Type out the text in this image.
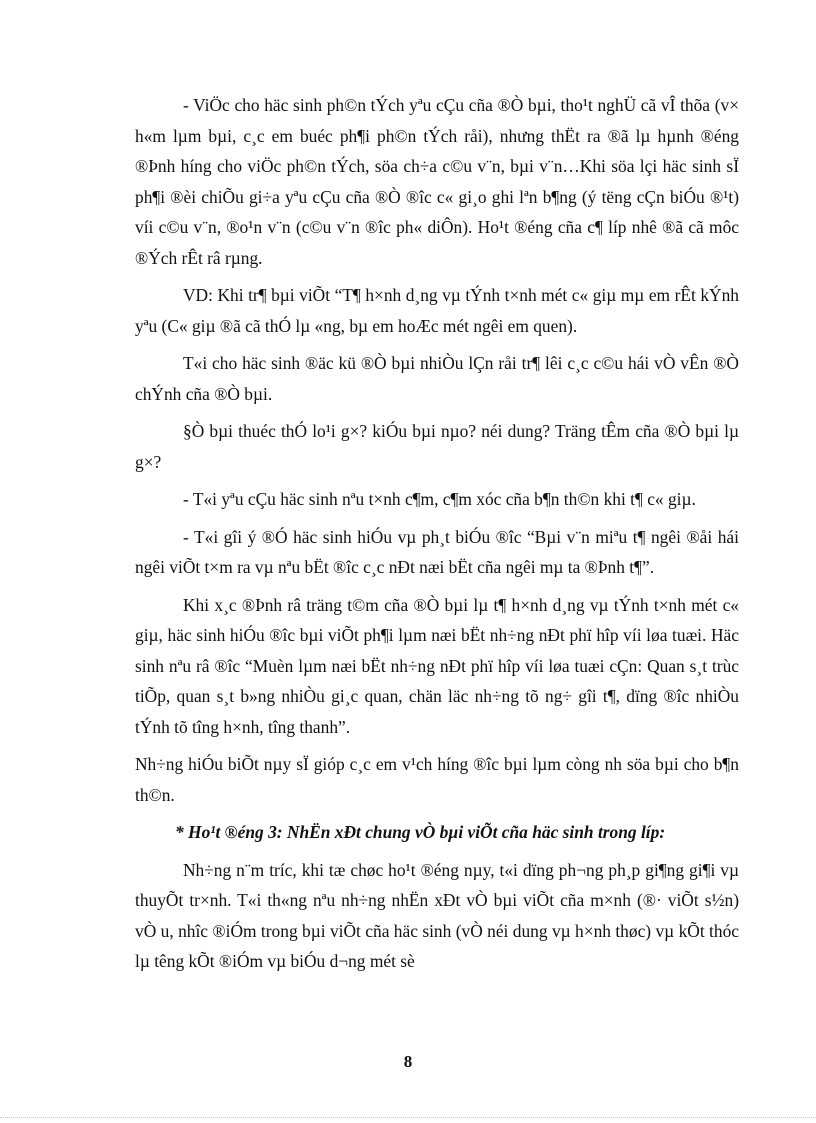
- ViÖc cho häc sinh ph©n tÝch yªu cÇu cña ®Ò bµi, tho¹t nghÜ cã vÎ thõa (v× h«m lµm bµi, c¸c em buéc ph¶i ph©n tÝch råi), nhưng thËt ra ®ã lµ hµnh ®éng ®Þnh híng cho viÖc ph©n tÝch, söa ch÷a c©u v¨n, bµi v¨n…Khi söa lçi häc sinh sÏ ph¶i ®èi chiÕu gi÷a yªu cÇu cña ®Ò ®îc c« gi¸o ghi lªn b¶ng (ý tëng cÇn biÓu ®¹t) víi c©u v¨n, ®o¹n v¨n (c©u v¨n ®îc ph« diÔn). Ho¹t ®éng cña c¶ líp nhê ®ã cã môc ®Ých rÊt râ rµng.

VD: Khi tr¶ bµi viÕt “T¶ h×nh d¸ng vµ tÝnh t×nh mét c« giµ mµ em rÊt kÝnh yªu (C« giµ ®ã cã thÓ lµ «ng, bµ em hoÆc mét ngêi em quen).

T«i cho häc sinh ®äc kü ®Ò bµi nhiÒu lÇn råi tr¶ lêi c¸c c©u hái vÒ vÊn ®Ò chÝnh cña ®Ò bµi.

§Ò bµi thuéc thÓ lo¹i g×? kiÓu bµi nµo? néi dung? Träng tÊm cña ®Ò bµi lµ g×?

- T«i yªu cÇu häc sinh nªu t×nh c¶m, c¶m xóc cña b¶n th©n khi t¶ c« giµ.

- T«i gîi ý ®Ó häc sinh hiÓu vµ ph¸t biÓu ®îc “Bµi v¨n miªu t¶ ngêi ®åi hái ngêi viÕt t×m ra vµ nªu bËt ®îc c¸c nÐt næi bËt cña ngêi mµ ta ®Þnh t¶”.

Khi x¸c ®Þnh râ träng t©m cña ®Ò bµi lµ t¶ h×nh d¸ng vµ tÝnh t×nh mét c« giµ, häc sinh hiÓu ®îc bµi viÕt ph¶i lµm næi bËt nh÷ng nÐt phï hîp víi løa tuæi. Häc sinh nªu râ ®îc “Muèn lµm næi bËt nh÷ng nÐt phï hîp víi løa tuæi cÇn: Quan s¸t trùc tiÕp, quan s¸t b»ng nhiÒu gi¸c quan, chän läc nh÷ng tõ ng÷ gîi t¶, dïng ®îc nhiÒu tÝnh tõ tîng h×nh, tîng thanh”.

Nh÷ng hiÓu biÕt nµy sÏ gióp c¸c em v¹ch híng ®îc bµi lµm còng nh söa bµi cho b¶n th©n.

* Ho¹t ®éng 3: NhËn xÐt chung vÒ bµi viÕt cña häc sinh trong líp:

Nh÷ng n¨m tríc, khi tæ chøc ho¹t ®éng nµy, t«i dïng ph¬ng ph¸p gi¶ng gi¶i vµ thuyÕt tr×nh. T«i th«ng nªu nh÷ng nhËn xÐt vÒ bµi viÕt cña m×nh (®· viÕt s½n) vÒ u, nhîc ®iÓm trong bµi viÕt cña häc sinh (vÒ néi dung vµ h×nh thøc) vµ kÕt thóc lµ têng kÕt ®iÓm vµ biÓu d¬ng mét sè

8
